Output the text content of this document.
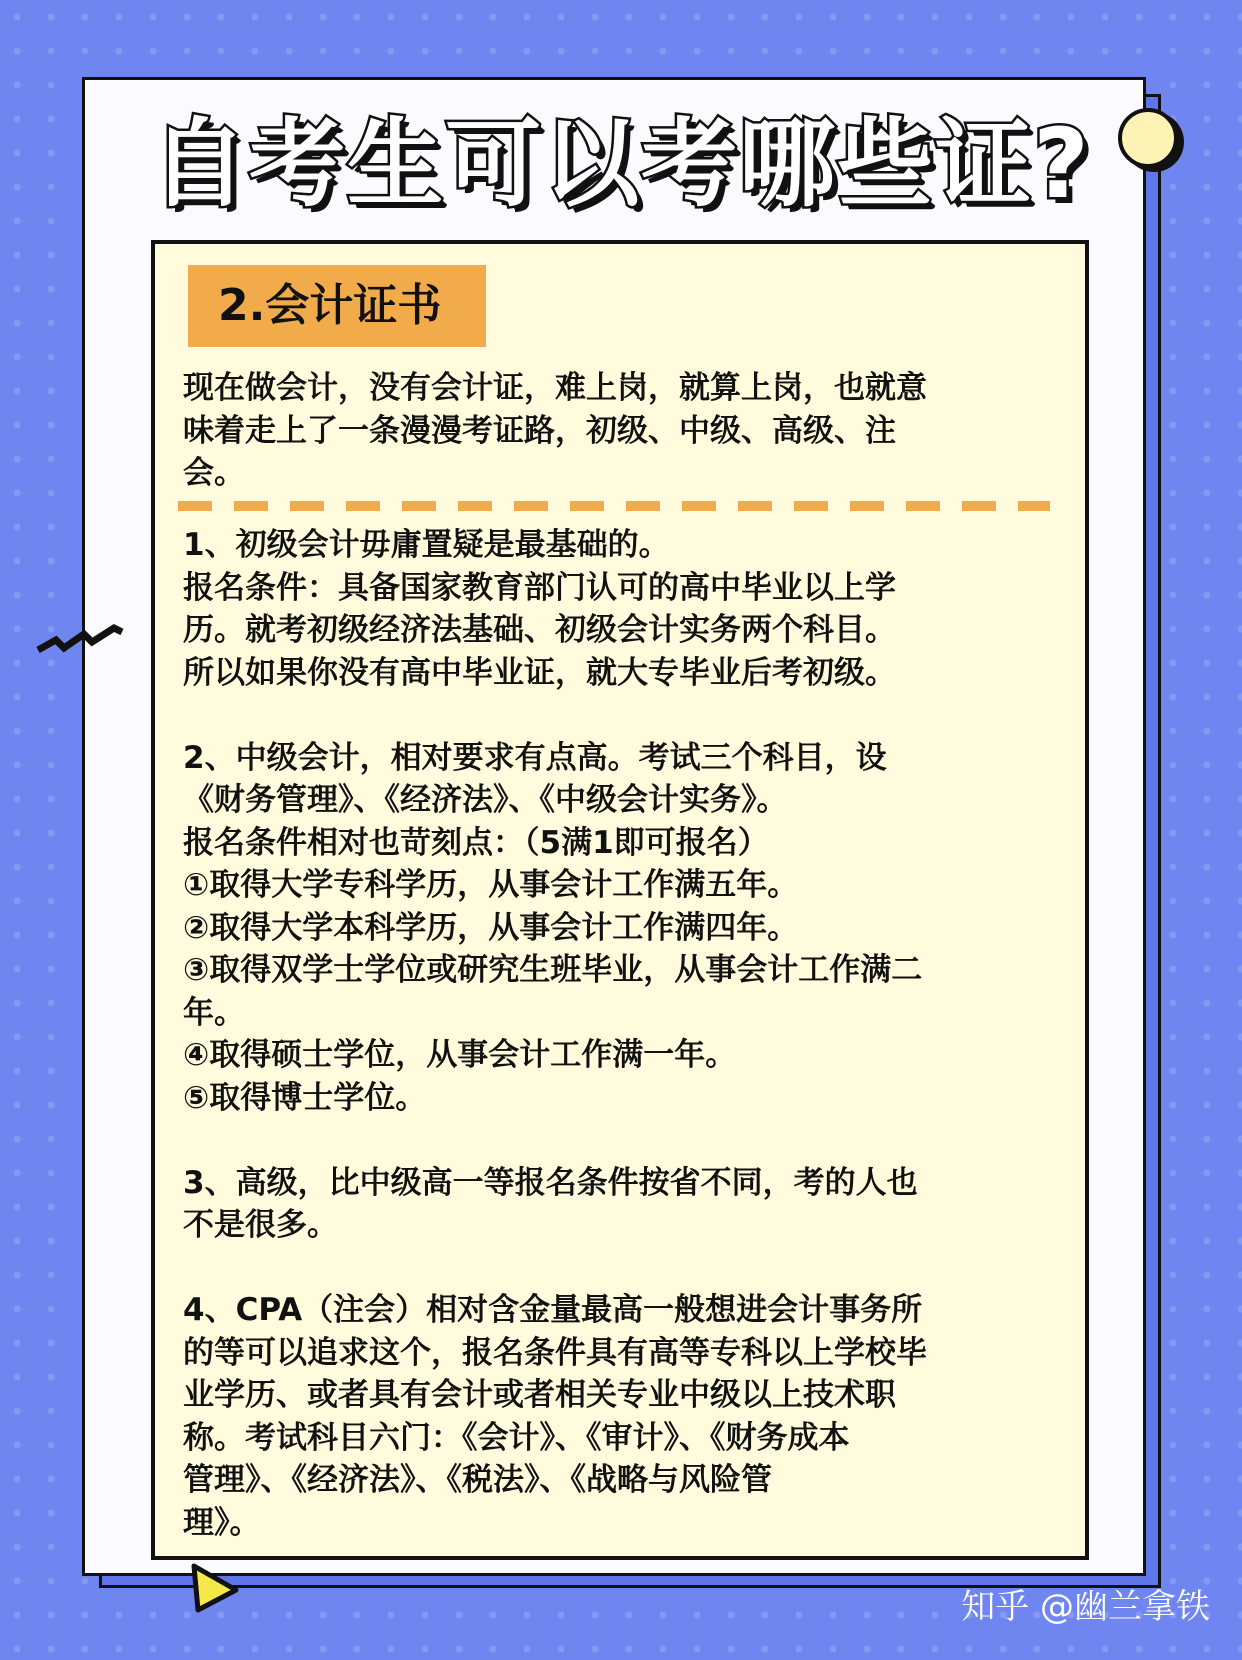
自考生可以考哪些证?
2.会计证书
现在做会计，没有会计证，难上岗，就算上岗，也就意
味着走上了一条漫漫考证路，初级、中级、高级、注
会。
1、初级会计毋庸置疑是最基础的。
报名条件：具备国家教育部门认可的高中毕业以上学
历。就考初级经济法基础、初级会计实务两个科目。
所以如果你没有高中毕业证，就大专毕业后考初级。
2、中级会计，相对要求有点高。考试三个科目，设
《财务管理》、《经济法》、《中级会计实务》。
报名条件相对也苛刻点：（5满1即可报名）
①取得大学专科学历，从事会计工作满五年。
②取得大学本科学历，从事会计工作满四年。
③取得双学士学位或研究生班毕业，从事会计工作满二
年。
④取得硕士学位，从事会计工作满一年。
⑤取得博士学位。
3、高级，比中级高一等报名条件按省不同，考的人也
不是很多。
4、CPA（注会）相对含金量最高一般想进会计事务所
的等可以追求这个，报名条件具有高等专科以上学校毕
业学历、或者具有会计或者相关专业中级以上技术职
称。考试科目六门：《会计》、《审计》、《财务成本
管理》、《经济法》、《税法》、《战略与风险管
理》。
知乎 @幽兰拿铁
